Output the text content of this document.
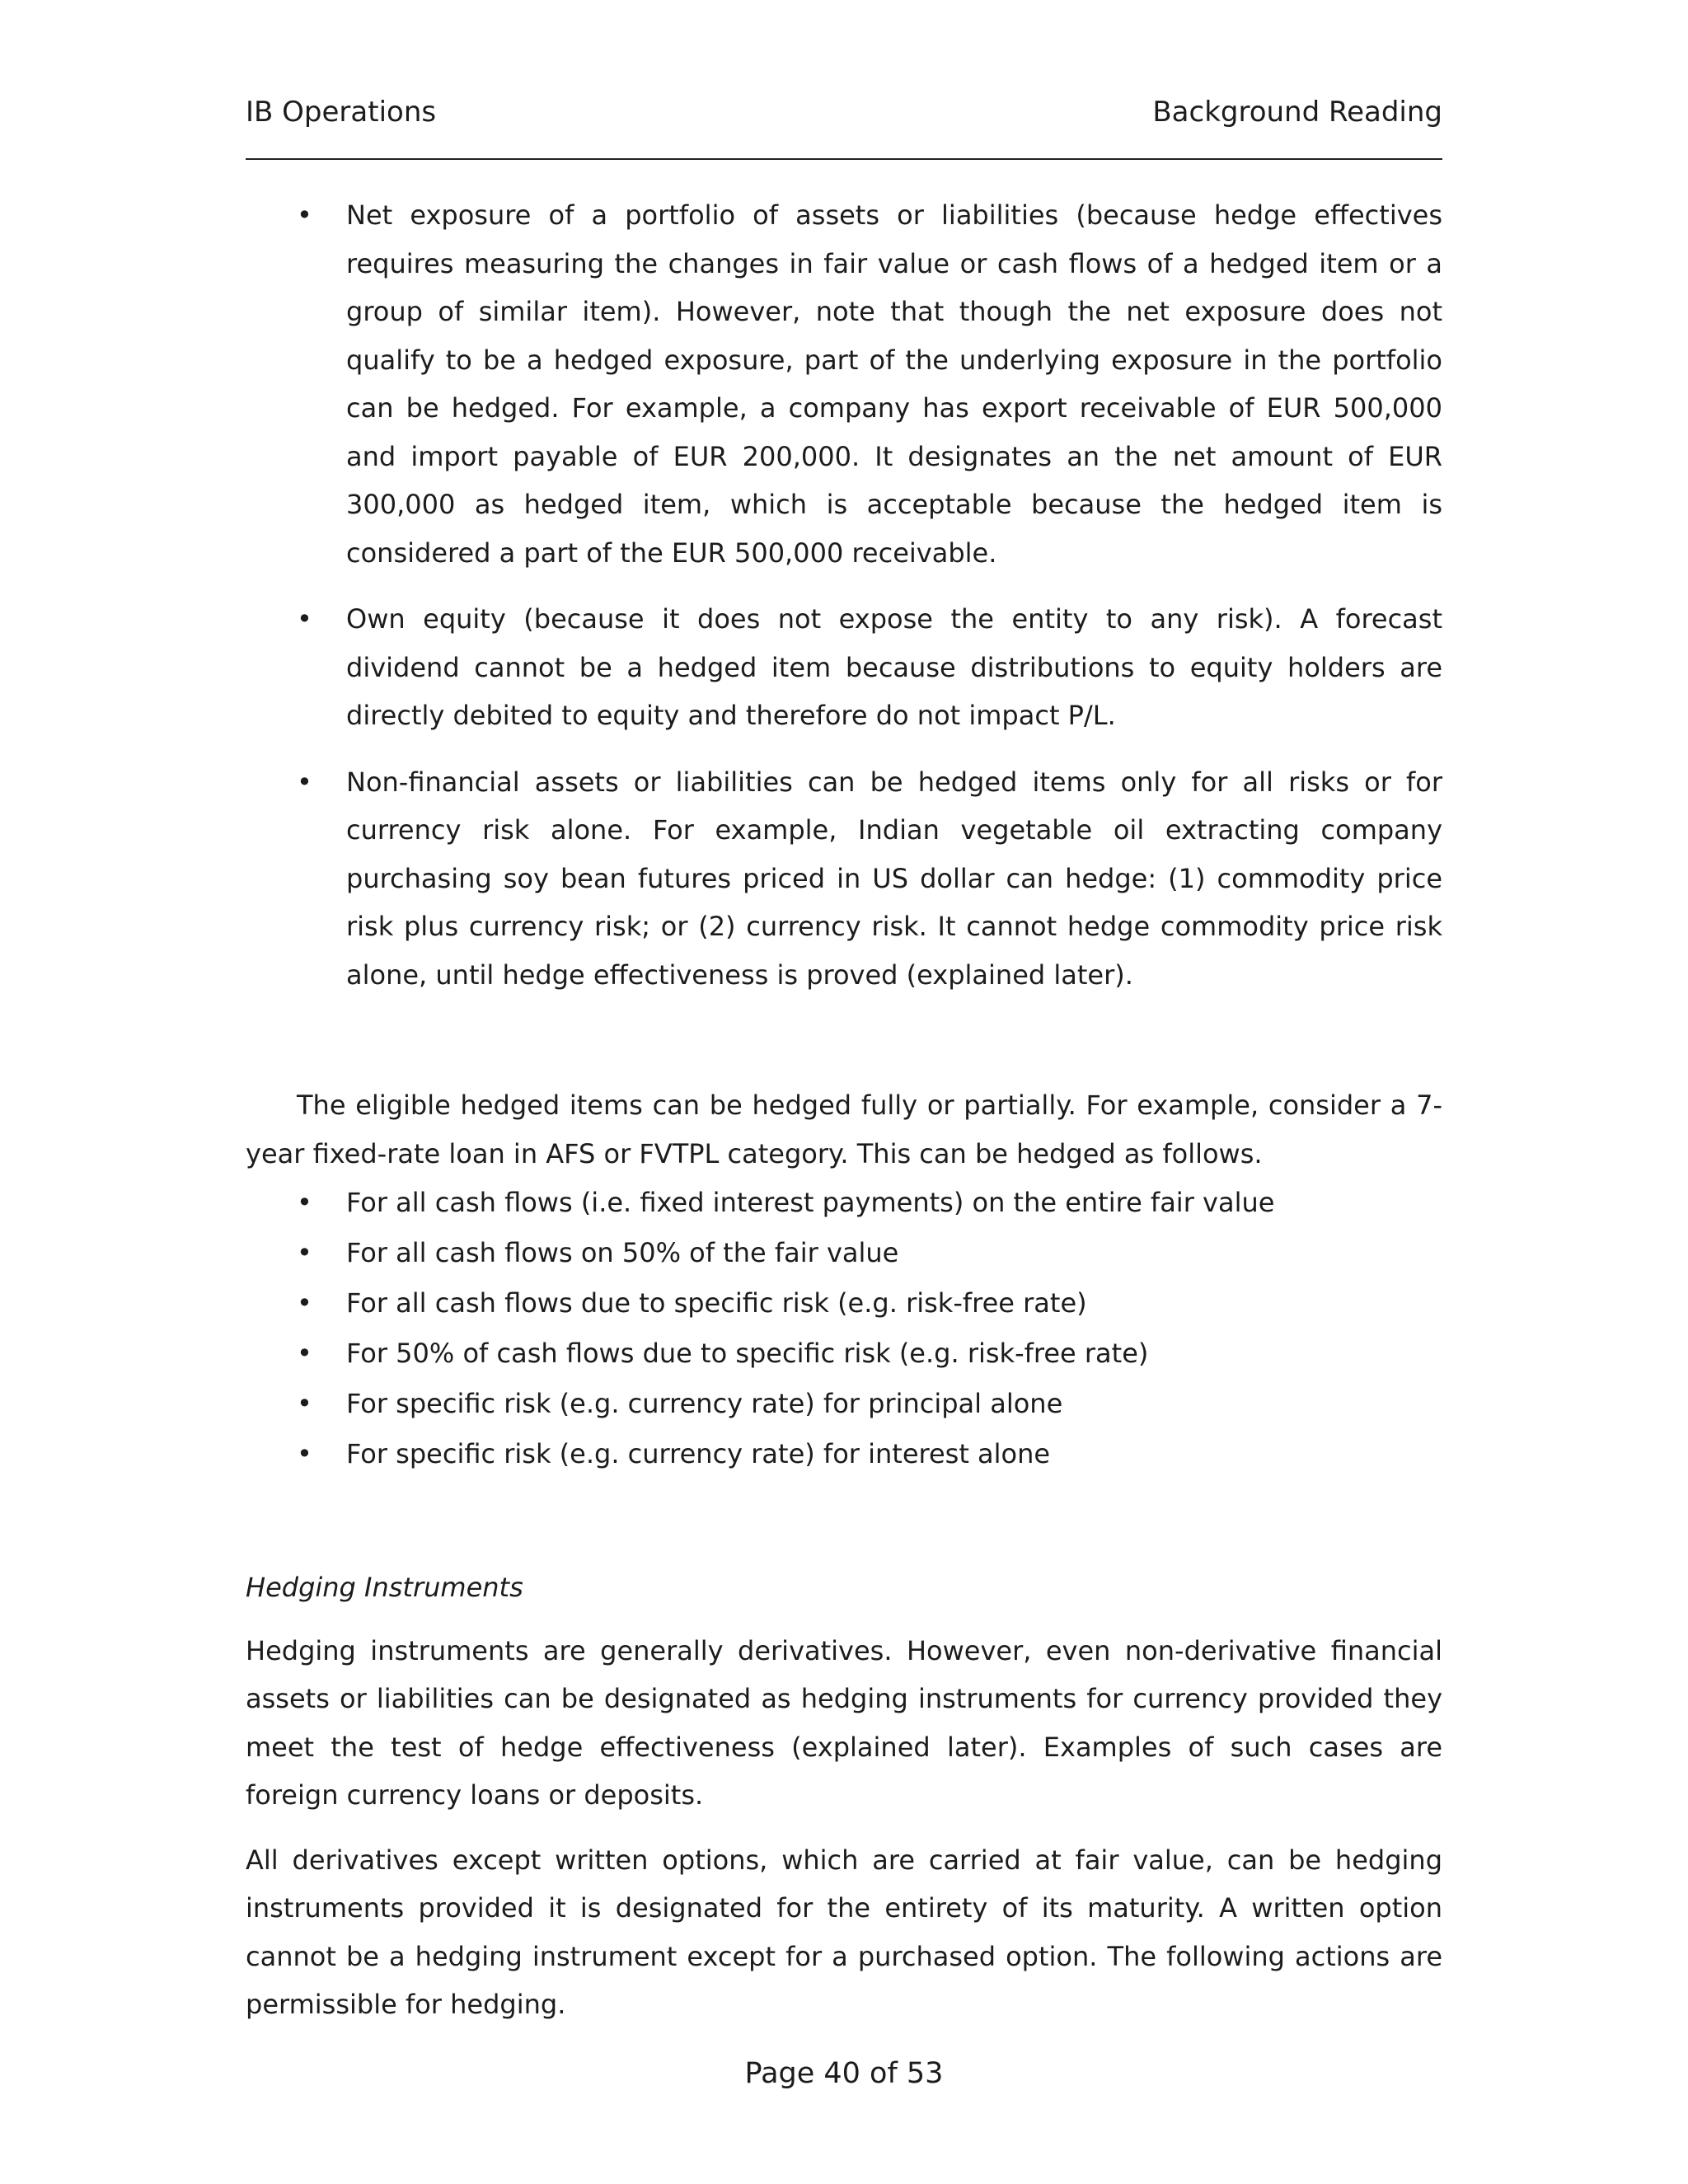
IB Operations	Background Reading
• Net exposure of a portfolio of assets or liabilities (because hedge effectives requires measuring the changes in fair value or cash flows of a hedged item or a group of similar item). However, note that though the net exposure does not qualify to be a hedged exposure, part of the underlying exposure in the portfolio can be hedged. For example, a company has export receivable of EUR 500,000 and import payable of EUR 200,000. It designates an the net amount of EUR 300,000 as hedged item, which is acceptable because the hedged item is considered a part of the EUR 500,000 receivable.
• Own equity (because it does not expose the entity to any risk). A forecast dividend cannot be a hedged item because distributions to equity holders are directly debited to equity and therefore do not impact P/L.
• Non-financial assets or liabilities can be hedged items only for all risks or for currency risk alone. For example, Indian vegetable oil extracting company purchasing soy bean futures priced in US dollar can hedge: (1) commodity price risk plus currency risk; or (2) currency risk. It cannot hedge commodity price risk alone, until hedge effectiveness is proved (explained later).

The eligible hedged items can be hedged fully or partially. For example, consider a 7-year fixed-rate loan in AFS or FVTPL category. This can be hedged as follows.

• For all cash flows (i.e. fixed interest payments) on the entire fair value
• For all cash flows on 50% of the fair value
• For all cash flows due to specific risk (e.g. risk-free rate)
• For 50% of cash flows due to specific risk (e.g. risk-free rate)
• For specific risk (e.g. currency rate) for principal alone
• For specific risk (e.g. currency rate) for interest alone

Hedging Instruments

Hedging instruments are generally derivatives. However, even non-derivative financial assets or liabilities can be designated as hedging instruments for currency provided they meet the test of hedge effectiveness (explained later). Examples of such cases are foreign currency loans or deposits.

All derivatives except written options, which are carried at fair value, can be hedging instruments provided it is designated for the entirety of its maturity. A written option cannot be a hedging instrument except for a purchased option. The following actions are permissible for hedging.

Page 40 of 53
